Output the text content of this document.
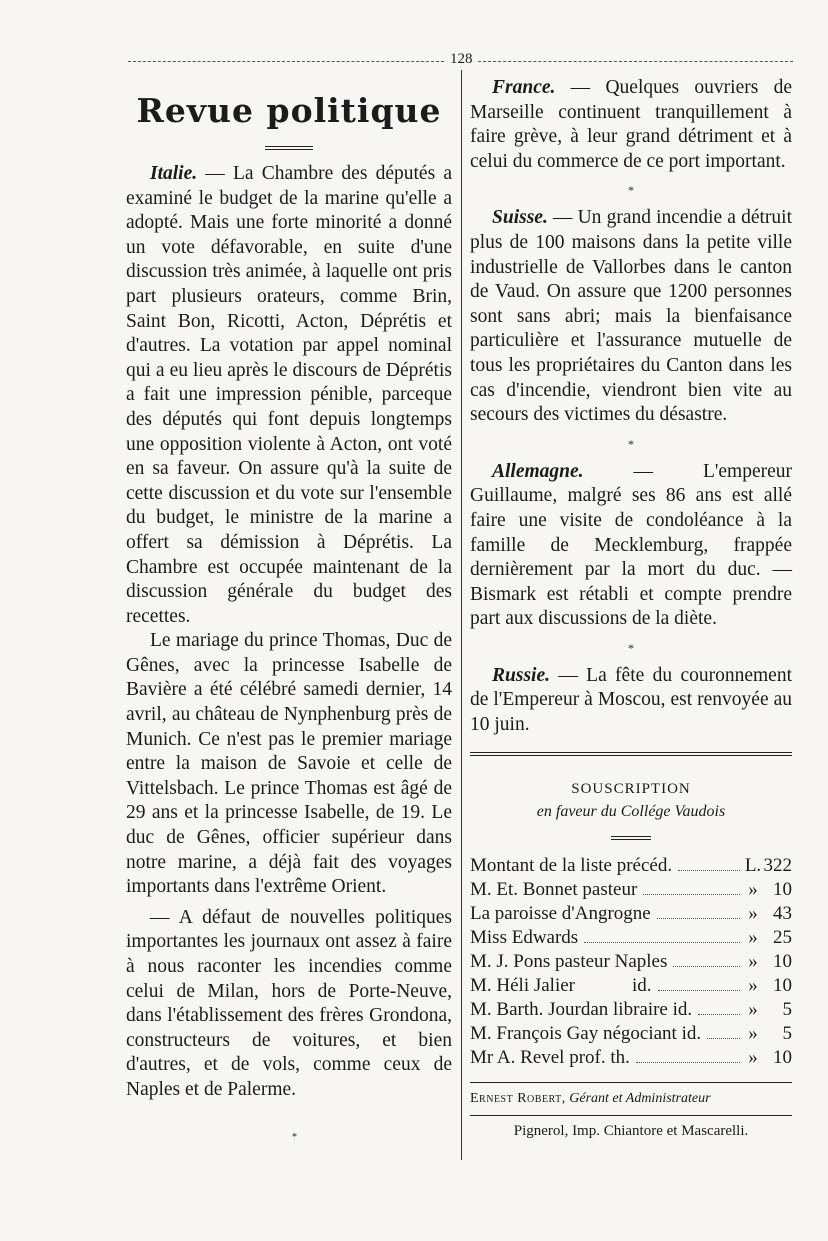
128
Revue politique

Italie. — La Chambre des députés a examiné le budget de la marine qu'elle a adopté. Mais une forte minorité a donné un vote défavorable, en suite d'une discussion très animée, à laquelle ont pris part plusieurs orateurs, comme Brin, Saint Bon, Ricotti, Acton, Déprétis et d'autres. La votation par appel nominal qui a eu lieu après le discours de Déprétis a fait une impression pénible, parceque des députés qui font depuis longtemps une opposition violente à Acton, ont voté en sa faveur. On assure qu'à la suite de cette discussion et du vote sur l'ensemble du budget, le ministre de la marine a offert sa démission à Déprétis. La Chambre est occupée maintenant de la discussion générale du budget des recettes.

Le mariage du prince Thomas, Duc de Gênes, avec la princesse Isabelle de Bavière a été célébré samedi dernier, 14 avril, au château de Nynphenburg près de Munich. Ce n'est pas le premier mariage entre la maison de Savoie et celle de Vittelsbach. Le prince Thomas est âgé de 29 ans et la princesse Isabelle, de 19. Le duc de Gênes, officier supérieur dans notre marine, a déjà fait des voyages importants dans l'extrême Orient.

— A défaut de nouvelles politiques importantes les journaux ont assez à faire à nous raconter les incendies comme celui de Milan, hors de Porte-Neuve, dans l'établissement des frères Grondona, constructeurs de voitures, et bien d'autres, et de vols, comme ceux de Naples et de Palerme.

*

France. — Quelques ouvriers de Marseille continuent tranquillement à faire grève, à leur grand détriment et à celui du commerce de ce port important.

*

Suisse. — Un grand incendie a détruit plus de 100 maisons dans la petite ville industrielle de Vallorbes dans le canton de Vaud. On assure que 1200 personnes sont sans abri; mais la bienfaisance particulière et l'assurance mutuelle de tous les propriétaires du Canton dans les cas d'incendie, viendront bien vite au secours des victimes du désastre.

*

Allemagne. — L'empereur Guillaume, malgré ses 86 ans est allé faire une visite de condoléance à la famille de Mecklemburg, frappée dernièrement par la mort du duc. — Bismark est rétabli et compte prendre part aux discussions de la diète.

*

Russie. — La fête du couronnement de l'Empereur à Moscou, est renvoyée au 10 juin.

SOUSCRIPTION
en faveur du Collége Vaudois
Montant de la liste précéd.	L. 322
M. Et. Bonnet pasteur	» 10
La paroisse d'Angrogne	» 43
Miss Edwards	» 25
M. J. Pons pasteur Naples	» 10
M. Héli Jalier            id.	» 10
M. Barth. Jourdan libraire id.	»	5
M. François Gay négociant id. »	5
Mr A. Revel prof. th.	» 10
Ernest Robert, Gérant et Administrateur
Pignerol, Imp. Chiantore et Mascarelli.
